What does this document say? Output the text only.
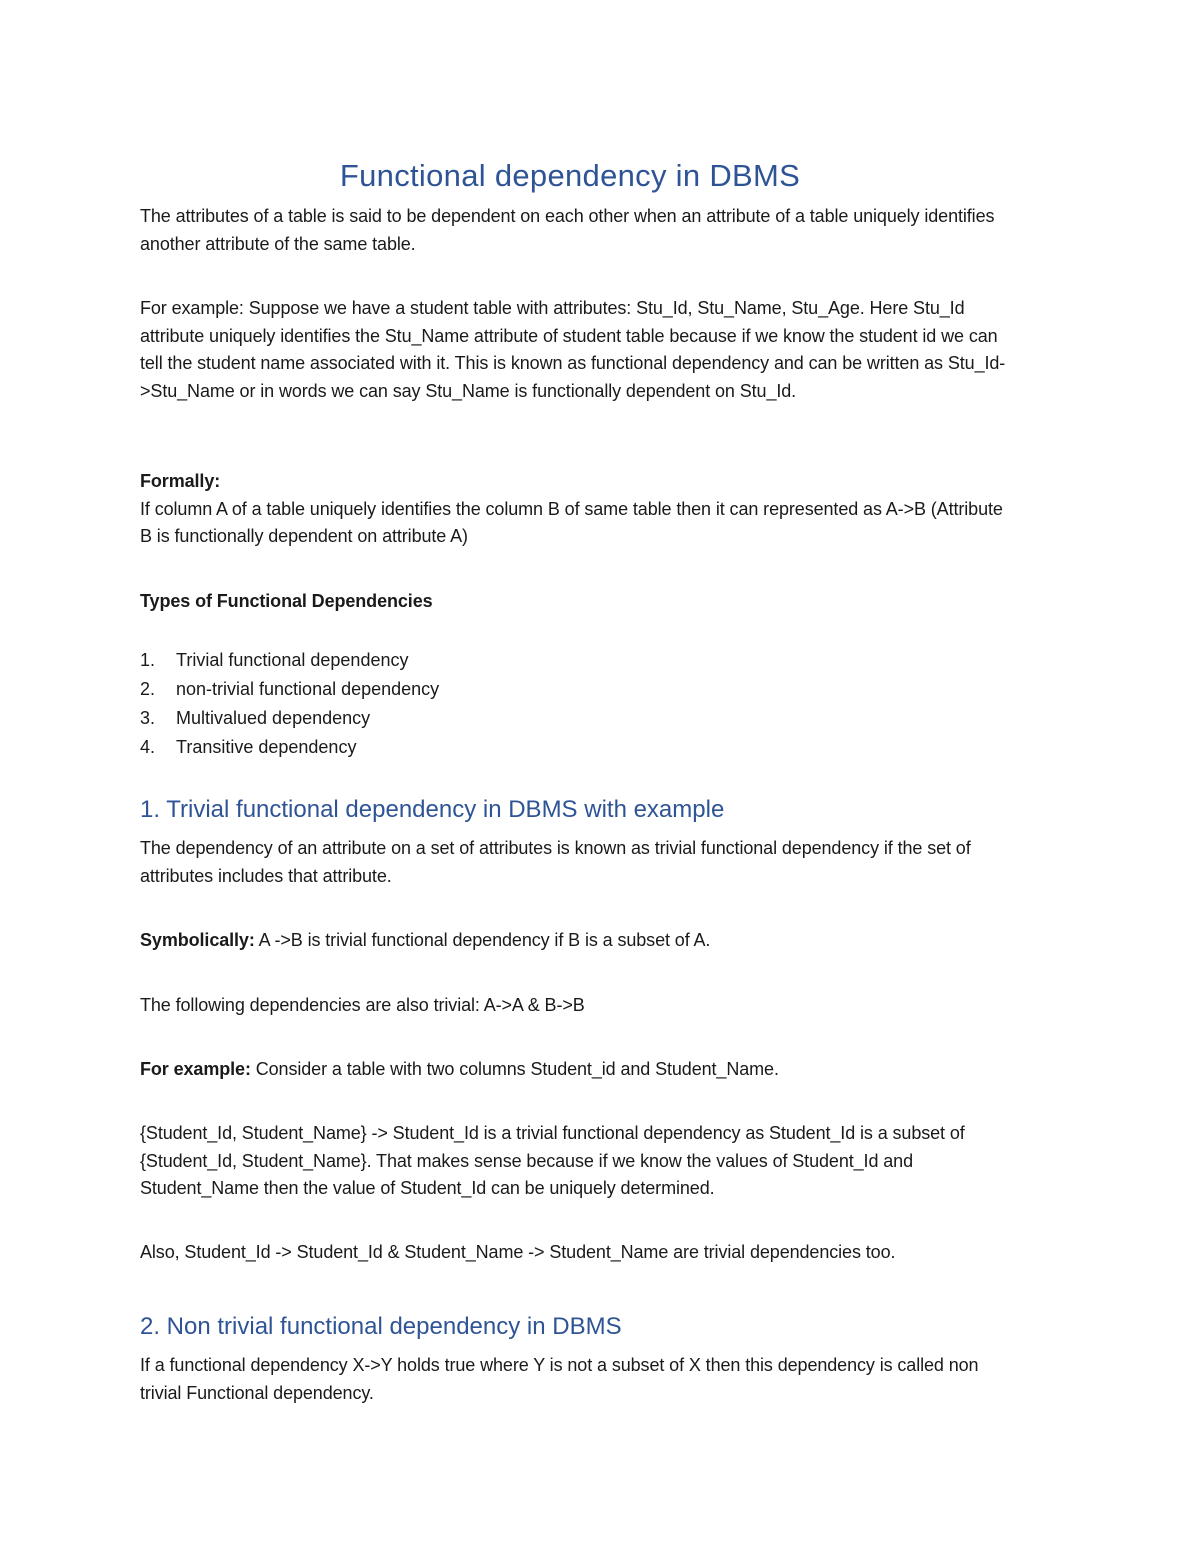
Functional dependency in DBMS

The attributes of a table is said to be dependent on each other when an attribute of a table uniquely identifies another attribute of the same table.

For example: Suppose we have a student table with attributes: Stu_Id, Stu_Name, Stu_Age. Here Stu_Id attribute uniquely identifies the Stu_Name attribute of student table because if we know the student id we can tell the student name associated with it. This is known as functional dependency and can be written as Stu_Id->Stu_Name or in words we can say Stu_Name is functionally dependent on Stu_Id.

Formally:
If column A of a table uniquely identifies the column B of same table then it can represented as A->B (Attribute B is functionally dependent on attribute A)

Types of Functional Dependencies

1.	Trivial functional dependency
2.	non-trivial functional dependency
3.	Multivalued dependency
4.	Transitive dependency
1. Trivial functional dependency in DBMS with example

The dependency of an attribute on a set of attributes is known as trivial functional dependency if the set of attributes includes that attribute.

Symbolically: A ->B is trivial functional dependency if B is a subset of A.

The following dependencies are also trivial: A->A & B->B

For example: Consider a table with two columns Student_id and Student_Name.

{Student_Id, Student_Name} -> Student_Id is a trivial functional dependency as Student_Id is a subset of {Student_Id, Student_Name}. That makes sense because if we know the values of Student_Id and Student_Name then the value of Student_Id can be uniquely determined.

Also, Student_Id -> Student_Id & Student_Name -> Student_Name are trivial dependencies too.

2. Non trivial functional dependency in DBMS

If a functional dependency X->Y holds true where Y is not a subset of X then this dependency is called non trivial Functional dependency.
